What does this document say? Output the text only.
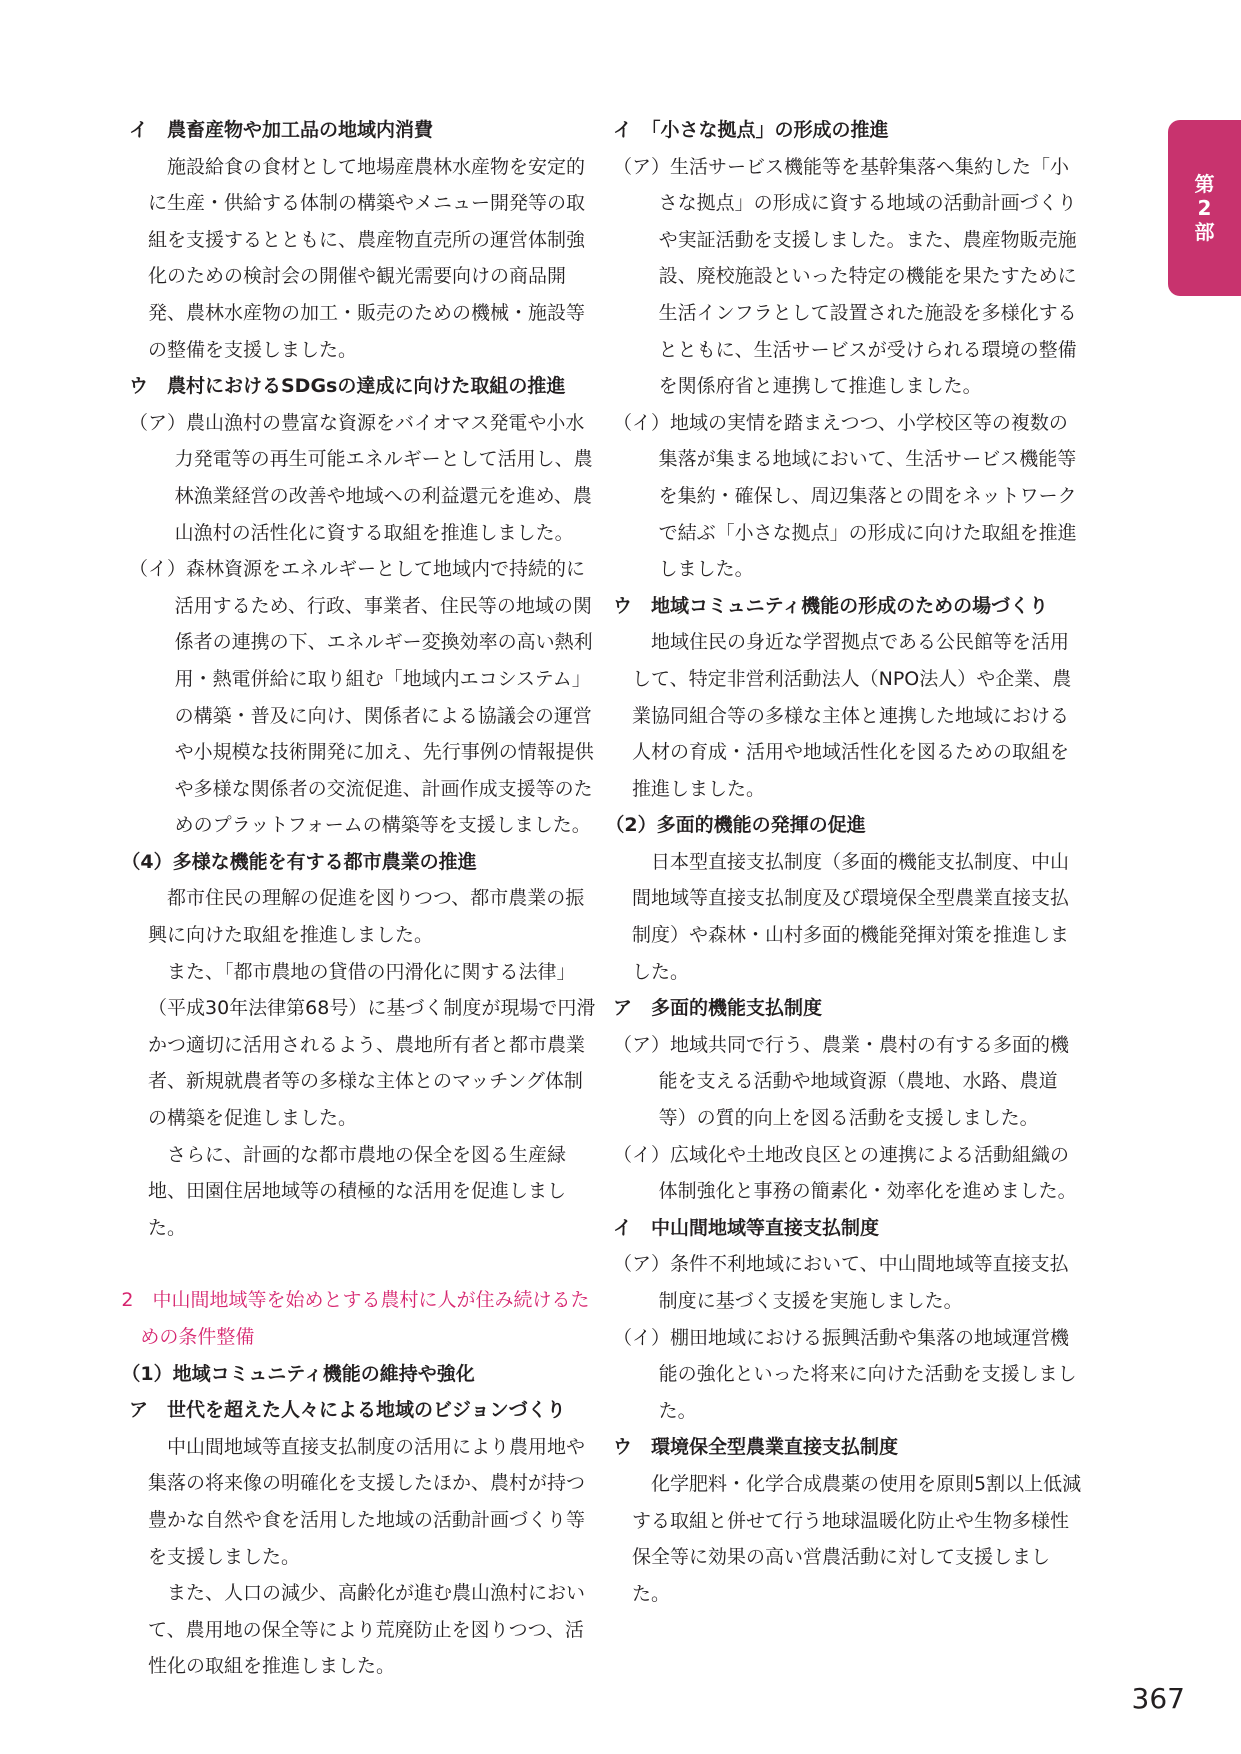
イ　農畜産物や加工品の地域内消費

施設給食の食材として地場産農林水産物を安定的に生産・供給する体制の構築やメニュー開発等の取組を支援するとともに、農産物直売所の運営体制強化のための検討会の開催や観光需要向けの商品開発、農林水産物の加工・販売のための機械・施設等の整備を支援しました。

ウ　農村におけるSDGsの達成に向けた取組の推進

（ア）農山漁村の豊富な資源をバイオマス発電や小水力発電等の再生可能エネルギーとして活用し、農林漁業経営の改善や地域への利益還元を進め、農山漁村の活性化に資する取組を推進しました。

（イ）森林資源をエネルギーとして地域内で持続的に活用するため、行政、事業者、住民等の地域の関係者の連携の下、エネルギー変換効率の高い熱利用・熱電併給に取り組む「地域内エコシステム」の構築・普及に向け、関係者による協議会の運営や小規模な技術開発に加え、先行事例の情報提供や多様な関係者の交流促進、計画作成支援等のためのプラットフォームの構築等を支援しました。

（4）多様な機能を有する都市農業の推進

都市住民の理解の促進を図りつつ、都市農業の振興に向けた取組を推進しました。

また、「都市農地の貸借の円滑化に関する法律」（平成30年法律第68号）に基づく制度が現場で円滑かつ適切に活用されるよう、農地所有者と都市農業者、新規就農者等の多様な主体とのマッチング体制の構築を促進しました。

さらに、計画的な都市農地の保全を図る生産緑地、田園住居地域等の積極的な活用を促進しました。

2　中山間地域等を始めとする農村に人が住み続けるための条件整備

（1）地域コミュニティ機能の維持や強化

ア　世代を超えた人々による地域のビジョンづくり

中山間地域等直接支払制度の活用により農用地や集落の将来像の明確化を支援したほか、農村が持つ豊かな自然や食を活用した地域の活動計画づくり等を支援しました。

また、人口の減少、高齢化が進む農山漁村において、農用地の保全等により荒廃防止を図りつつ、活性化の取組を推進しました。

イ　「小さな拠点」の形成の推進

（ア）生活サービス機能等を基幹集落へ集約した「小さな拠点」の形成に資する地域の活動計画づくりや実証活動を支援しました。また、農産物販売施設、廃校施設といった特定の機能を果たすために生活インフラとして設置された施設を多様化するとともに、生活サービスが受けられる環境の整備を関係府省と連携して推進しました。

（イ）地域の実情を踏まえつつ、小学校区等の複数の集落が集まる地域において、生活サービス機能等を集約・確保し、周辺集落との間をネットワークで結ぶ「小さな拠点」の形成に向けた取組を推進しました。

ウ　地域コミュニティ機能の形成のための場づくり

地域住民の身近な学習拠点である公民館等を活用して、特定非営利活動法人（NPO法人）や企業、農業協同組合等の多様な主体と連携した地域における人材の育成・活用や地域活性化を図るための取組を推進しました。

（2）多面的機能の発揮の促進

日本型直接支払制度（多面的機能支払制度、中山間地域等直接支払制度及び環境保全型農業直接支払制度）や森林・山村多面的機能発揮対策を推進しました。

ア　多面的機能支払制度

（ア）地域共同で行う、農業・農村の有する多面的機能を支える活動や地域資源（農地、水路、農道等）の質的向上を図る活動を支援しました。

（イ）広域化や土地改良区との連携による活動組織の体制強化と事務の簡素化・効率化を進めました。

イ　中山間地域等直接支払制度

（ア）条件不利地域において、中山間地域等直接支払制度に基づく支援を実施しました。

（イ）棚田地域における振興活動や集落の地域運営機能の強化といった将来に向けた活動を支援しました。

ウ　環境保全型農業直接支払制度

化学肥料・化学合成農薬の使用を原則5割以上低減する取組と併せて行う地球温暖化防止や生物多様性保全等に効果の高い営農活動に対して支援しました。

第
2
部
367
